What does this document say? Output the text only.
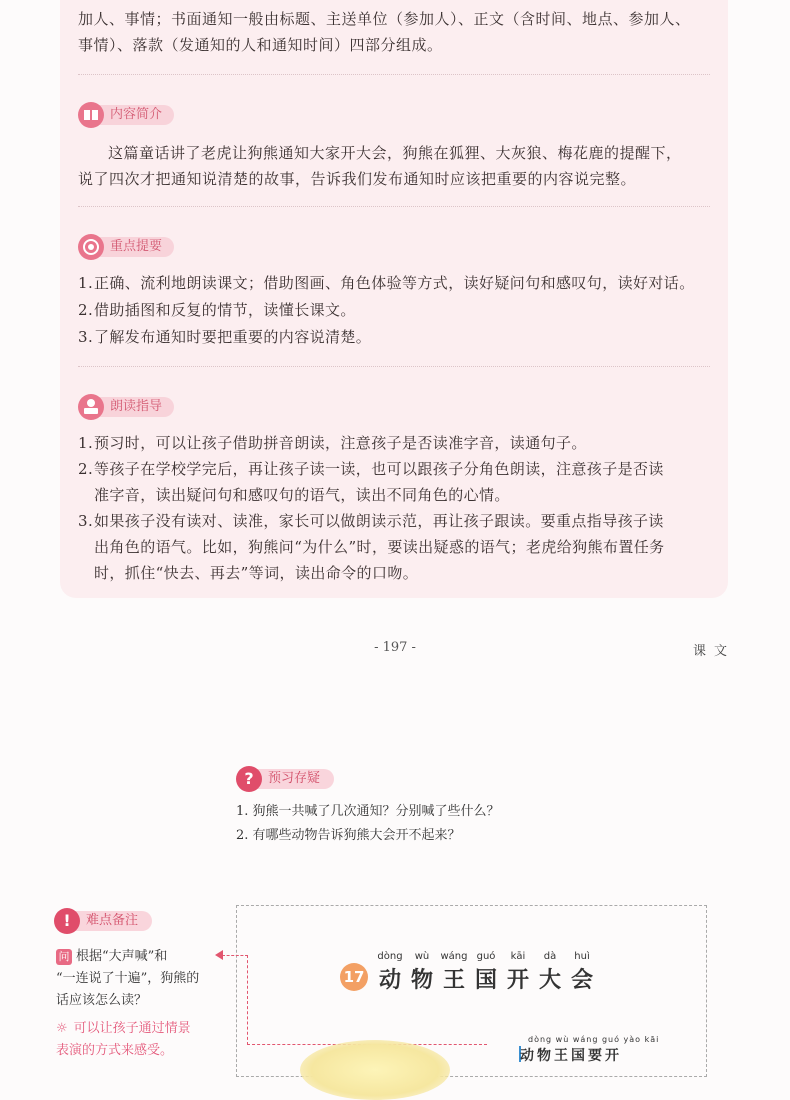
加人、事情；书面通知一般由标题、主送单位（参加人）、正文（含时间、地点、参加人、
事情）、落款（发通知的人和通知时间）四部分组成。
内容简介
这篇童话讲了老虎让狗熊通知大家开大会，狗熊在狐狸、大灰狼、梅花鹿的提醒下，
说了四次才把通知说清楚的故事，告诉我们发布通知时应该把重要的内容说完整。
重点提要
1. 正确、流利地朗读课文；借助图画、角色体验等方式，读好疑问句和感叹句，读好对话。
2. 借助插图和反复的情节，读懂长课文。
3. 了解发布通知时要把重要的内容说清楚。
朗读指导
1. 预习时，可以让孩子借助拼音朗读，注意孩子是否读准字音，读通句子。
2. 等孩子在学校学完后，再让孩子读一读，也可以跟孩子分角色朗读，注意孩子是否读
准字音，读出疑问句和感叹句的语气，读出不同角色的心情。
3. 如果孩子没有读对、读准，家长可以做朗读示范，再让孩子跟读。要重点指导孩子读
出角色的语气。比如，狗熊问“为什么”时，要读出疑惑的语气；老虎给狗熊布置任务
时，抓住“快去、再去”等词，读出命令的口吻。
- 197 -	课文
预习存疑
?
1. 狗熊一共喊了几次通知？分别喊了些什么？
2. 有哪些动物告诉狗熊大会开不起来？
难点备注
!
问 根据“大声喊”和
“一连说了十遍”，狗熊的
话应该怎么读？
☼ 可以让孩子通过情景
表演的方式来感受。
17
dòng	wù	wáng guó	kāi	dà	huì
动 物 王 国 开 大 会
dòng wù wáng guó yào kāi
动物王国要开
